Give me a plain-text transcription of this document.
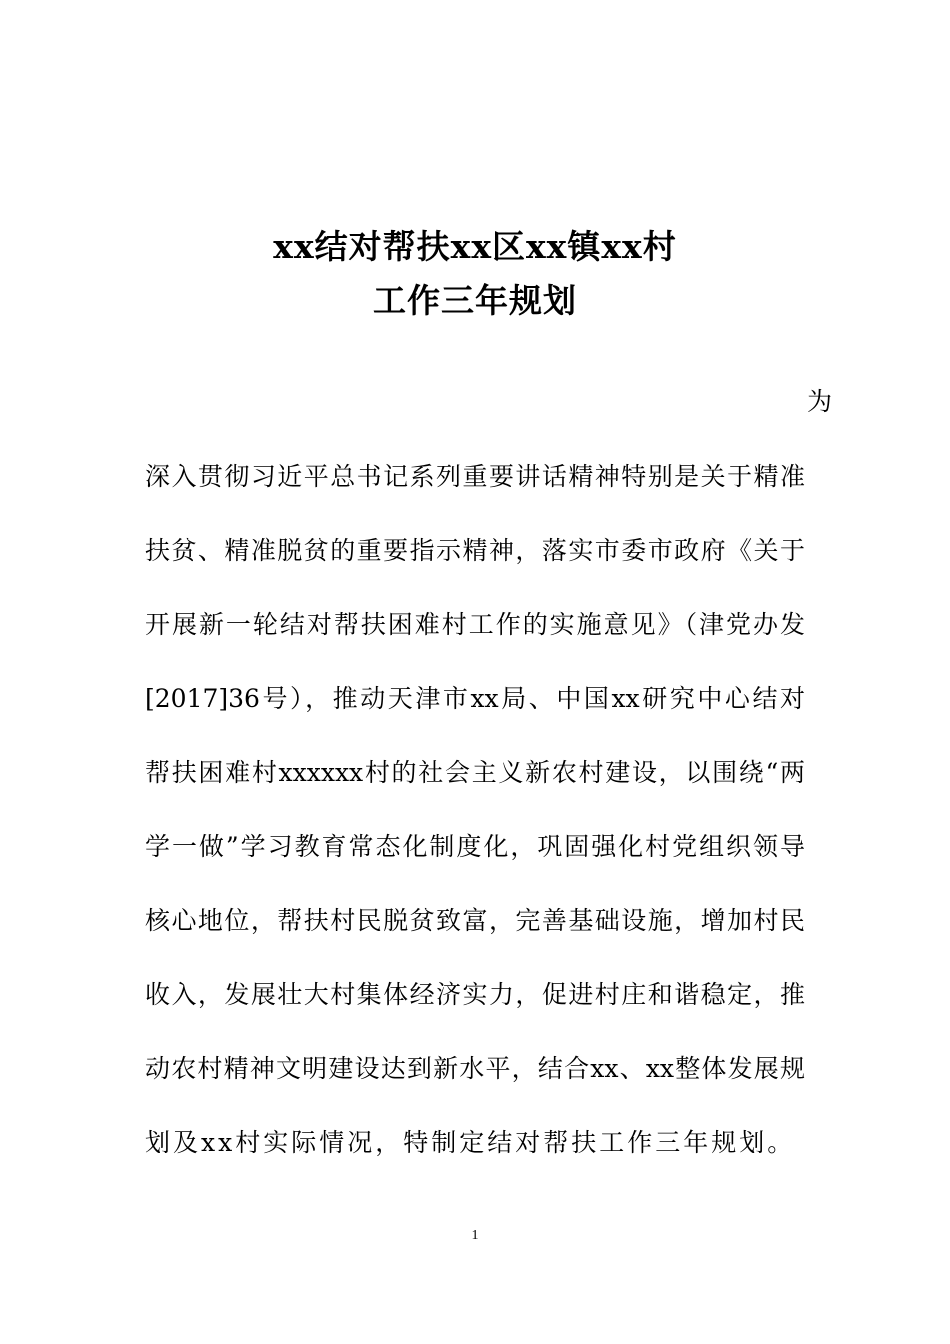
xx结对帮扶xx区xx镇xx村
工作三年规划
为
深入贯彻习近平总书记系列重要讲话精神特别是关于精准
扶贫、精准脱贫的重要指示精神，落实市委市政府《关于
开展新一轮结对帮扶困难村工作的实施意见》（津党办发
[2017]36号），推动天津市xx局、中国xx研究中心结对
帮扶困难村xxxxxx村的社会主义新农村建设，以围绕“两
学一做”学习教育常态化制度化，巩固强化村党组织领导
核心地位，帮扶村民脱贫致富，完善基础设施，增加村民
收入，发展壮大村集体经济实力，促进村庄和谐稳定，推
动农村精神文明建设达到新水平，结合xx、xx整体发展规
划及xx村实际情况，特制定结对帮扶工作三年规划。
1
